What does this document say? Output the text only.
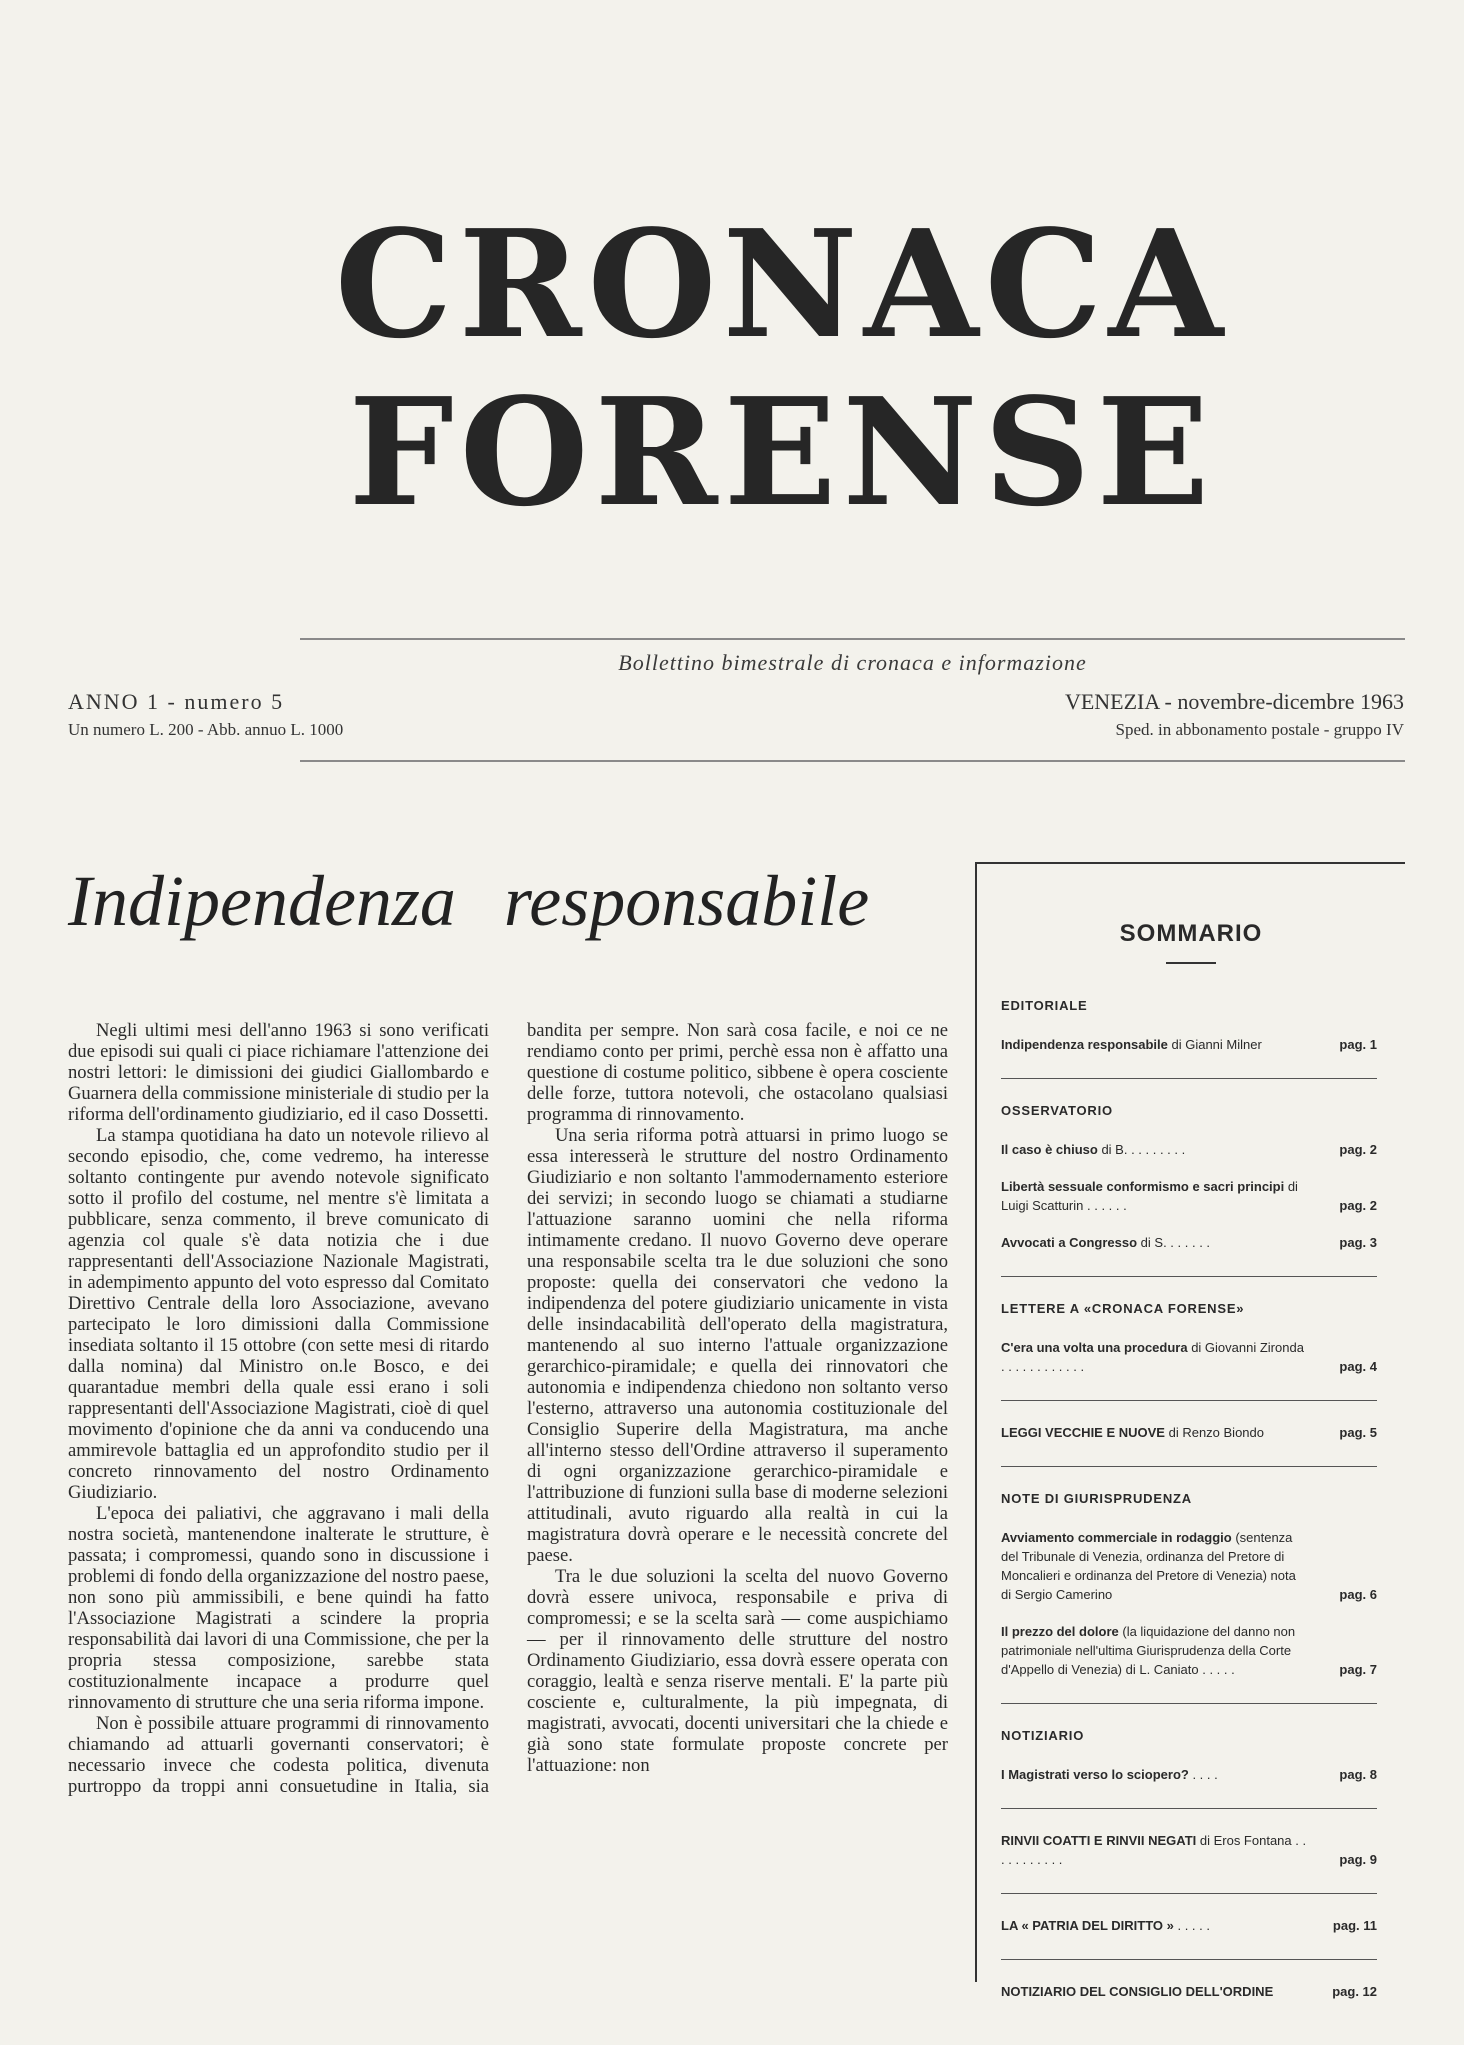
CRONACA
FORENSE
Bollettino bimestrale di cronaca e informazione
ANNO 1 - numero 5
Un numero L. 200 - Abb. annuo L. 1000
VENEZIA - novembre-dicembre 1963
Sped. in abbonamento postale - gruppo IV
Indipendenza responsabile

Negli ultimi mesi dell'anno 1963 si sono verificati due episodi sui quali ci piace richiamare l'attenzione dei nostri lettori: le dimissioni dei giudici Giallombardo e Guarnera della commissione ministeriale di studio per la riforma dell'ordinamento giudiziario, ed il caso Dossetti.

La stampa quotidiana ha dato un notevole rilievo al secondo episodio, che, come vedremo, ha interesse soltanto contingente pur avendo notevole significato sotto il profilo del costume, nel mentre s'è limitata a pubblicare, senza commento, il breve comunicato di agenzia col quale s'è data notizia che i due rappresentanti dell'Associazione Nazionale Magistrati, in adempimento appunto del voto espresso dal Comitato Direttivo Centrale della loro Associazione, avevano partecipato le loro dimissioni dalla Commissione insediata soltanto il 15 ottobre (con sette mesi di ritardo dalla nomina) dal Ministro on.le Bosco, e dei quarantadue membri della quale essi erano i soli rappresentanti dell'Associazione Magistrati, cioè di quel movimento d'opinione che da anni va conducendo una ammirevole battaglia ed un approfondito studio per il concreto rinnovamento del nostro Ordinamento Giudiziario.

L'epoca dei paliativi, che aggravano i mali della nostra società, mantenendone inalterate le strutture, è passata; i compromessi, quando sono in discussione i problemi di fondo della organizzazione del nostro paese, non sono più ammissibili, e bene quindi ha fatto l'Associazione Magistrati a scindere la propria responsabilità dai lavori di una Commissione, che per la propria stessa composizione, sarebbe stata costituzionalmente incapace a produrre quel rinnovamento di strutture che una seria riforma impone.

Non è possibile attuare programmi di rinnovamento chiamando ad attuarli governanti conservatori; è necessario invece che codesta politica, divenuta purtroppo da troppi anni consuetudine in Italia, sia bandita per sempre. Non sarà cosa facile, e noi ce ne rendiamo conto per primi, perchè essa non è affatto una questione di costume politico, sibbene è opera cosciente delle forze, tuttora notevoli, che ostacolano qualsiasi programma di rinnovamento.

Una seria riforma potrà attuarsi in primo luogo se essa interesserà le strutture del nostro Ordinamento Giudiziario e non soltanto l'ammodernamento esteriore dei servizi; in secondo luogo se chiamati a studiarne l'attuazione saranno uomini che nella riforma intimamente credano. Il nuovo Governo deve operare una responsabile scelta tra le due soluzioni che sono proposte: quella dei conservatori che vedono la indipendenza del potere giudiziario unicamente in vista delle insindacabilità dell'operato della magistratura, mantenendo al suo interno l'attuale organizzazione gerarchico-piramidale; e quella dei rinnovatori che autonomia e indipendenza chiedono non soltanto verso l'esterno, attraverso una autonomia costituzionale del Consiglio Superire della Magistratura, ma anche all'interno stesso dell'Ordine attraverso il superamento di ogni organizzazione gerarchico-piramidale e l'attribuzione di funzioni sulla base di moderne selezioni attitudinali, avuto riguardo alla realtà in cui la magistratura dovrà operare e le necessità concrete del paese.

Tra le due soluzioni la scelta del nuovo Governo dovrà essere univoca, responsabile e priva di compromessi; e se la scelta sarà — come auspichiamo — per il rinnovamento delle strutture del nostro Ordinamento Giudiziario, essa dovrà essere operata con coraggio, lealtà e senza riserve mentali. E' la parte più cosciente e, culturalmente, la più impegnata, di magistrati, avvocati, docenti universitari che la chiede e già sono state formulate proposte concrete per l'attuazione: non

SOMMARIO
EDITORIALE
Indipendenza responsabile di Gianni Milner	pag. 1
OSSERVATORIO
Il caso è chiuso di B. . . . . . . . .	pag. 2
Libertà sessuale conformismo e sacri principi di Luigi Scatturin . . . . . .	pag. 2
Avvocati a Congresso di S. . . . . . .	pag. 3
LETTERE A «CRONACA FORENSE»
C'era una volta una procedura di Giovanni Zironda . . . . . . . . . . . .	pag. 4
LEGGI VECCHIE E NUOVE di Renzo Biondo	pag. 5
NOTE DI GIURISPRUDENZA
Avviamento commerciale in rodaggio (sentenza del Tribunale di Venezia, ordinanza del Pretore di Moncalieri e ordinanza del Pretore di Venezia) nota di Sergio Camerino	pag. 6
Il prezzo del dolore (la liquidazione del danno non patrimoniale nell'ultima Giurisprudenza della Corte d'Appello di Venezia) di L. Caniato . . . . .	pag. 7
NOTIZIARIO
I Magistrati verso lo sciopero? . . . .	pag. 8
RINVII COATTI E RINVII NEGATI di Eros Fontana . . . . . . . . . . .	pag. 9
LA « PATRIA DEL DIRITTO » . . . . .	pag. 11
NOTIZIARIO DEL CONSIGLIO DELL'ORDINE	pag. 12
